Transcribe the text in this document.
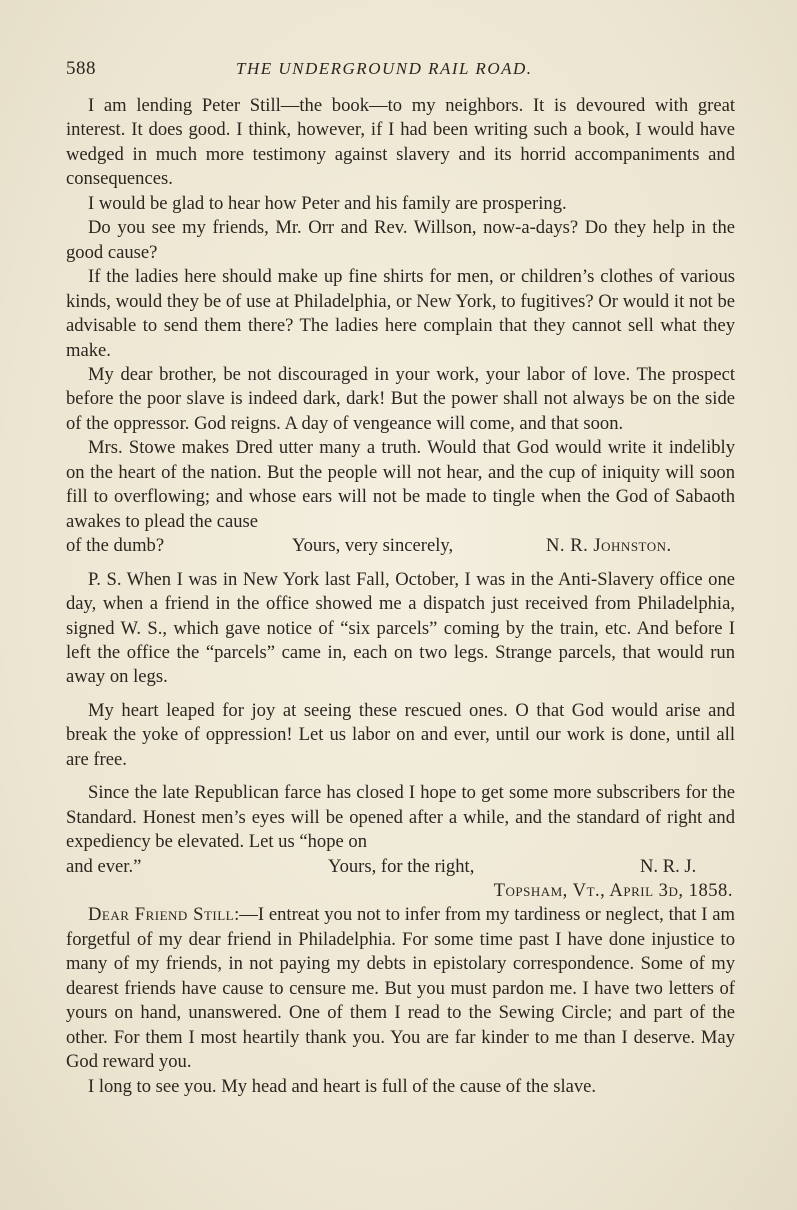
588	THE UNDERGROUND RAIL ROAD.

I am lending Peter Still—the book—to my neighbors. It is devoured with great interest. It does good. I think, however, if I had been writing such a book, I would have wedged in much more testimony against slavery and its horrid accompaniments and consequences.

I would be glad to hear how Peter and his family are prospering.

Do you see my friends, Mr. Orr and Rev. Willson, now-a-days? Do they help in the good cause?

If the ladies here should make up fine shirts for men, or children’s clothes of various kinds, would they be of use at Philadelphia, or New York, to fugitives? Or would it not be advisable to send them there? The ladies here complain that they cannot sell what they make.

My dear brother, be not discouraged in your work, your labor of love. The prospect before the poor slave is indeed dark, dark! But the power shall not always be on the side of the oppressor. God reigns. A day of vengeance will come, and that soon.

Mrs. Stowe makes Dred utter many a truth. Would that God would write it indelibly on the heart of the nation. But the people will not hear, and the cup of iniquity will soon fill to overflowing; and whose ears will not be made to tingle when the God of Sabaoth awakes to plead the cause

of the dumb?	Yours, very sincerely,	N. R. Johnston.

P. S. When I was in New York last Fall, October, I was in the Anti-Slavery office one day, when a friend in the office showed me a dispatch just received from Philadelphia, signed W. S., which gave notice of “six parcels” coming by the train, etc. And before I left the office the “parcels” came in, each on two legs. Strange parcels, that would run away on legs.

My heart leaped for joy at seeing these rescued ones. O that God would arise and break the yoke of oppression! Let us labor on and ever, until our work is done, until all are free.

Since the late Republican farce has closed I hope to get some more subscribers for the Standard. Honest men’s eyes will be opened after a while, and the standard of right and expediency be elevated. Let us “hope on

and ever.”	Yours, for the right,	N. R. J.

Topsham, Vt., April 3d, 1858.

Dear Friend Still:—I entreat you not to infer from my tardiness or neglect, that I am forgetful of my dear friend in Philadelphia. For some time past I have done injustice to many of my friends, in not paying my debts in epistolary correspondence. Some of my dearest friends have cause to censure me. But you must pardon me. I have two letters of yours on hand, unanswered. One of them I read to the Sewing Circle; and part of the other. For them I most heartily thank you. You are far kinder to me than I deserve. May God reward you.

I long to see you. My head and heart is full of the cause of the slave.
